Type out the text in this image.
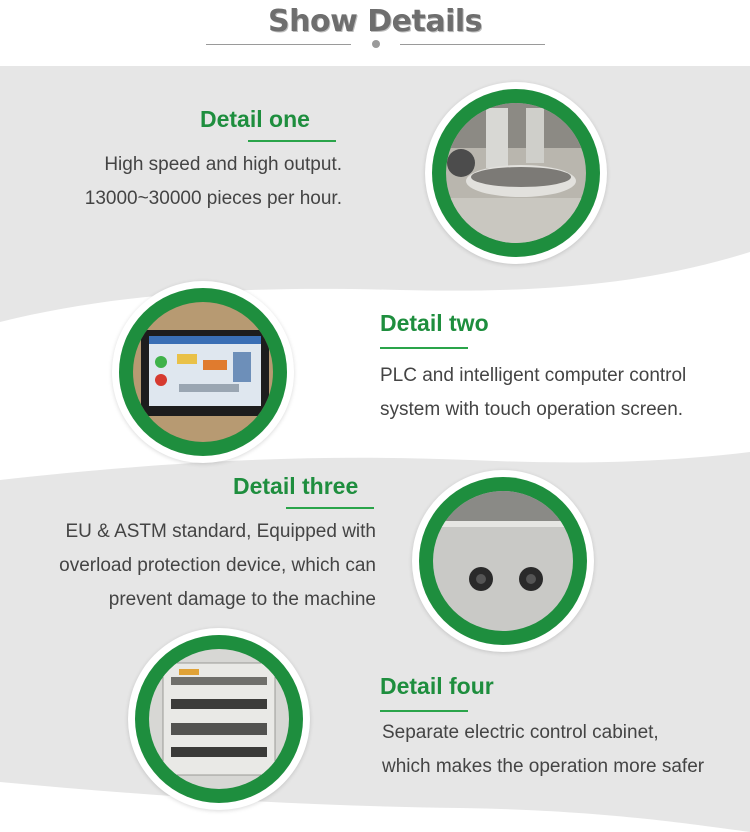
Show Details
Detail one
High speed and high output.
13000~30000 pieces per hour.
Detail two
PLC and intelligent computer control
system with touch operation screen.
Detail three
EU & ASTM standard, Equipped with
overload protection device, which can
prevent damage to the machine
Detail four
Separate electric control cabinet,
which makes the operation more safer
